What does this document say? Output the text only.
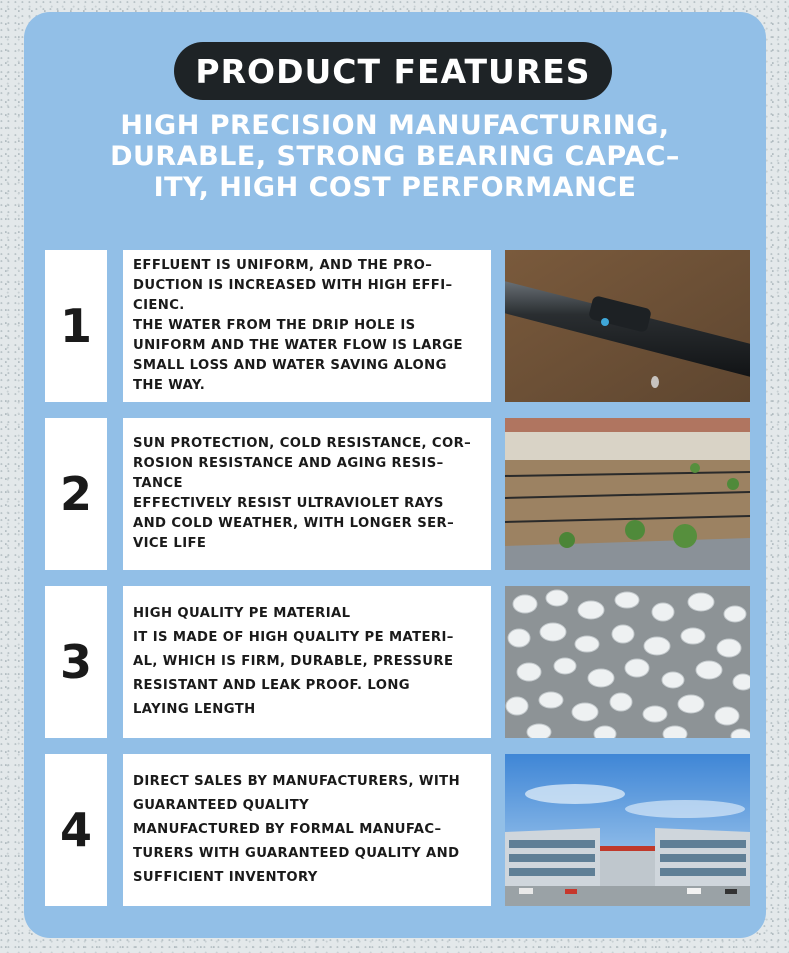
PRODUCT FEATURES
HIGH PRECISION MANUFACTURING,
DURABLE, STRONG BEARING CAPAC–
ITY, HIGH COST PERFORMANCE
1

EFFLUENT IS UNIFORM, AND THE PRO–
DUCTION IS INCREASED WITH HIGH EFFI–
CIENC.

THE WATER FROM THE DRIP HOLE IS
UNIFORM AND THE WATER FLOW IS LARGE
SMALL LOSS AND WATER SAVING ALONG
THE WAY.

2

SUN PROTECTION, COLD RESISTANCE, COR–
ROSION RESISTANCE AND AGING RESIS–
TANCE

EFFECTIVELY RESIST ULTRAVIOLET RAYS
AND COLD WEATHER, WITH LONGER SER–
VICE LIFE

3

HIGH QUALITY PE MATERIAL

IT IS MADE OF HIGH QUALITY PE MATERI–
AL, WHICH IS FIRM, DURABLE, PRESSURE
RESISTANT AND LEAK PROOF. LONG
LAYING LENGTH

4

DIRECT SALES BY MANUFACTURERS, WITH
GUARANTEED QUALITY

MANUFACTURED BY FORMAL MANUFAC–
TURERS WITH GUARANTEED QUALITY AND
SUFFICIENT INVENTORY
